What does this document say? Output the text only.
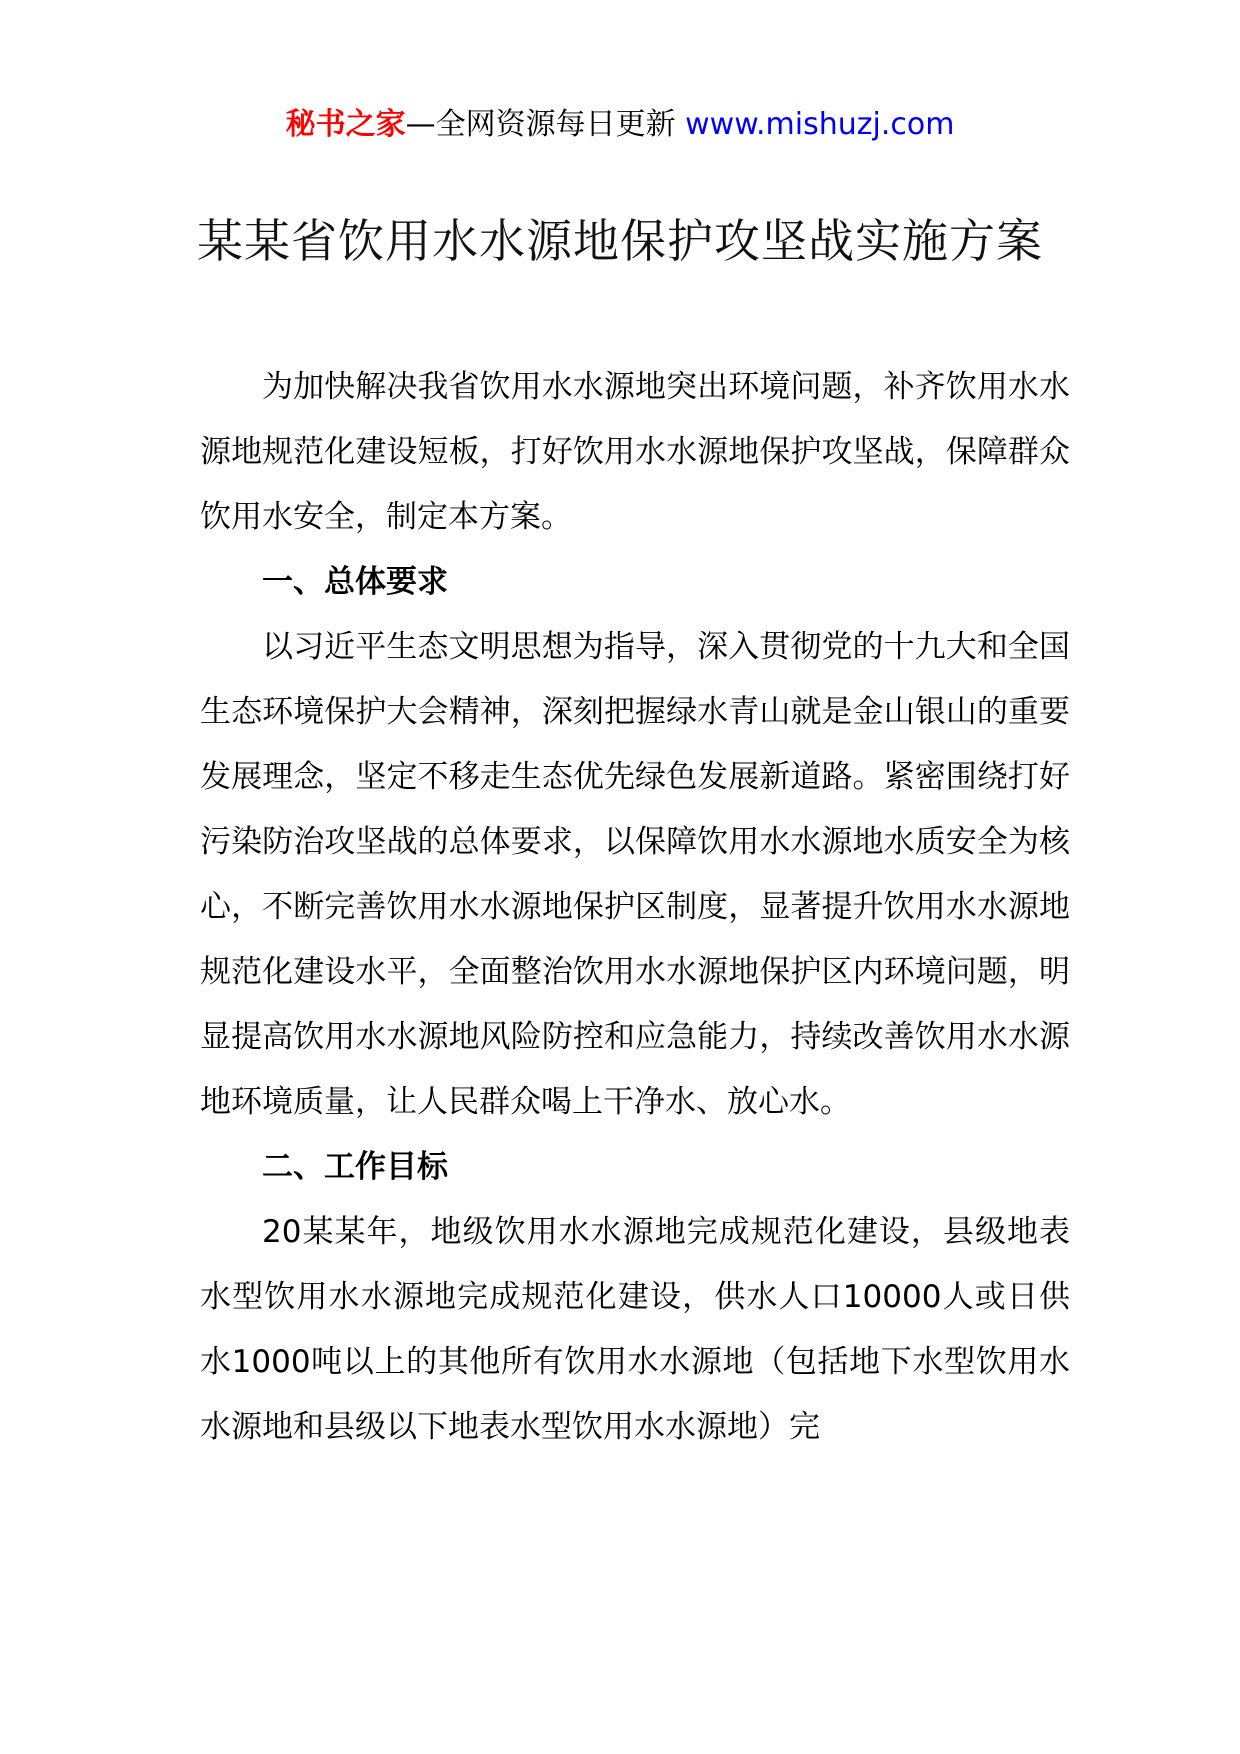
秘书之家—全网资源每日更新 www.mishuzj.com
某某省饮用水水源地保护攻坚战实施方案

为加快解决我省饮用水水源地突出环境问题，补齐饮用水水源地规范化建设短板，打好饮用水水源地保护攻坚战，保障群众饮用水安全，制定本方案。

一、总体要求

以习近平生态文明思想为指导，深入贯彻党的十九大和全国生态环境保护大会精神，深刻把握绿水青山就是金山银山的重要发展理念，坚定不移走生态优先绿色发展新道路。紧密围绕打好污染防治攻坚战的总体要求，以保障饮用水水源地水质安全为核心，不断完善饮用水水源地保护区制度，显著提升饮用水水源地规范化建设水平，全面整治饮用水水源地保护区内环境问题，明显提高饮用水水源地风险防控和应急能力，持续改善饮用水水源地环境质量，让人民群众喝上干净水、放心水。

二、工作目标

20某某年，地级饮用水水源地完成规范化建设，县级地表水型饮用水水源地完成规范化建设，供水人口10000人或日供水1000吨以上的其他所有饮用水水源地（包括地下水型饮用水水源地和县级以下地表水型饮用水水源地）完
